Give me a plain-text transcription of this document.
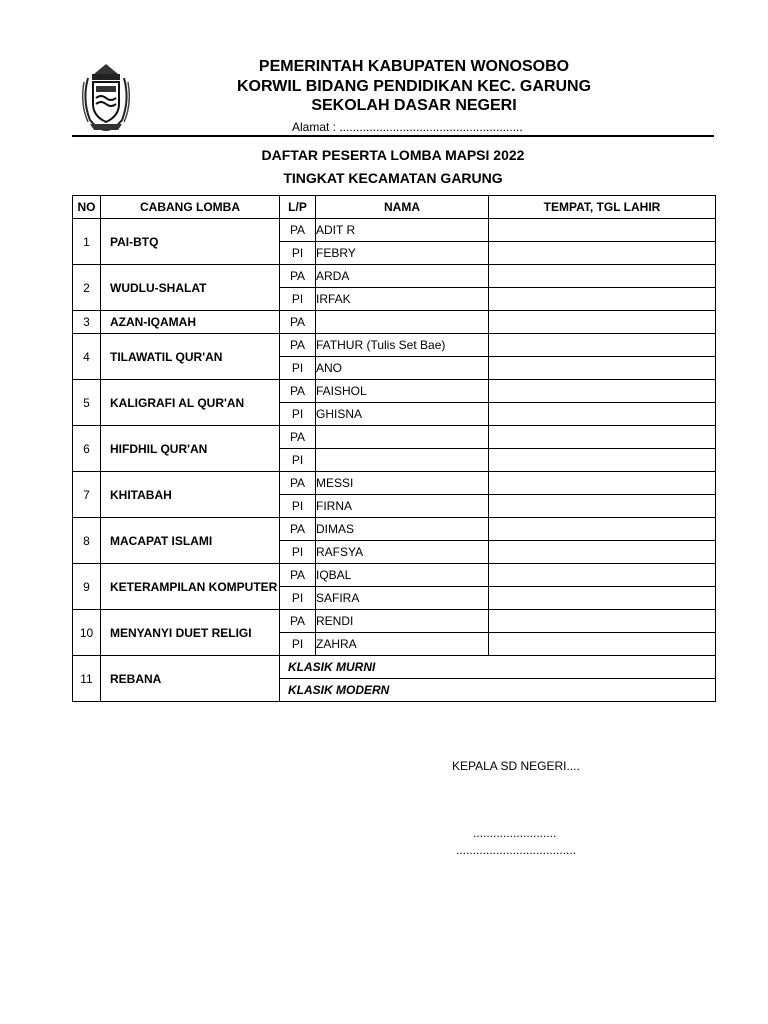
PEMERINTAH KABUPATEN WONOSOBO
KORWIL BIDANG PENDIDIKAN KEC. GARUNG
SEKOLAH DASAR NEGERI
Alamat : .......................................................
DAFTAR PESERTA LOMBA MAPSI 2022
TINGKAT KECAMATAN GARUNG
NO	CABANG LOMBA	L/P	NAMA	TEMPAT, TGL LAHIR
1	PAI-BTQ	PA	ADIT R	
		PI	FEBRY	
2	WUDLU-SHALAT	PA	ARDA	
		PI	IRFAK	
3	AZAN-IQAMAH	PA		
4	TILAWATIL QUR'AN	PA	FATHUR (Tulis Set Bae)	
		PI	ANO	
5	KALIGRAFI AL QUR'AN	PA	FAISHOL	
		PI	GHISNA	
6	HIFDHIL QUR'AN	PA		
		PI		
7	KHITABAH	PA	MESSI	
		PI	FIRNA	
8	MACAPAT ISLAMI	PA	DIMAS	
		PI	RAFSYA	
9	KETERAMPILAN KOMPUTER	PA	IQBAL	
		PI	SAFIRA	
10	MENYANYI DUET RELIGI	PA	RENDI	
		PI	ZAHRA	
11	REBANA	KLASIK MURNI		
		KLASIK MODERN		
KEPALA SD NEGERI....
.........................
....................................
